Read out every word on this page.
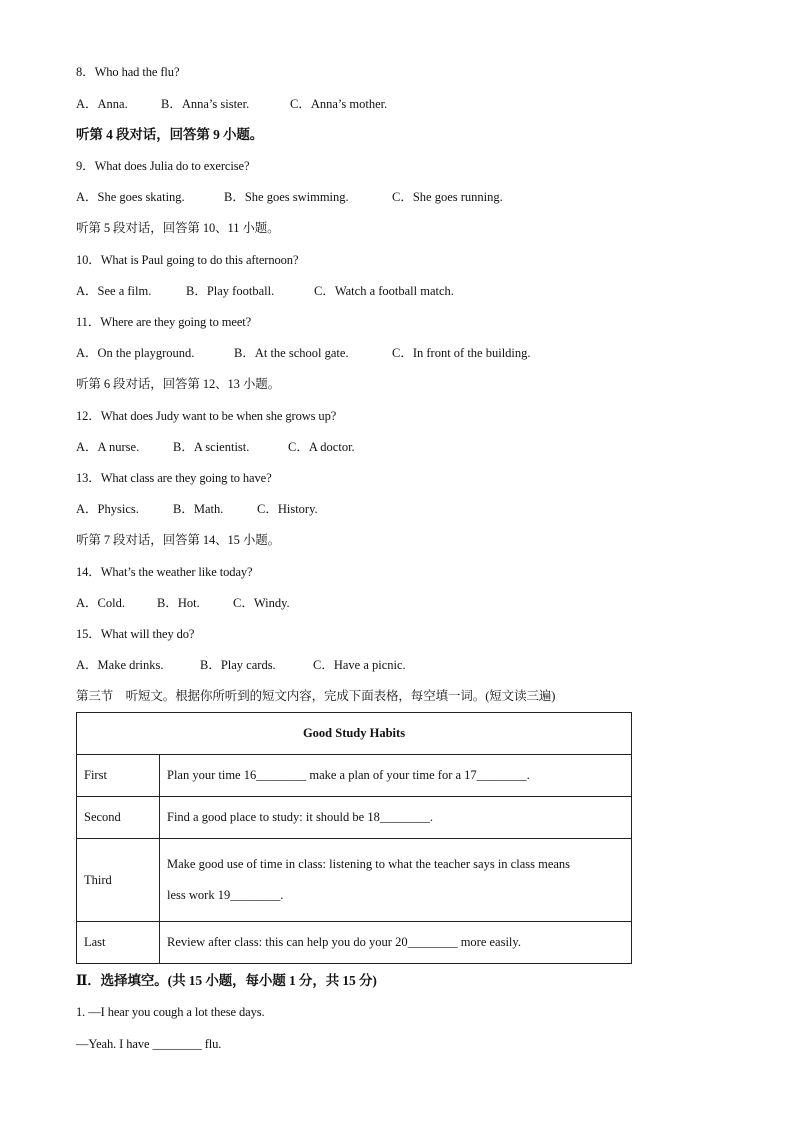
8．Who had the flu?
A．Anna.	B．Anna’s sister.	C．Anna’s mother.
听第 4 段对话，回答第 9 小题。
9．What does Julia do to exercise?
A．She goes skating.	B．She goes swimming.	C．She goes running.
听第 5 段对话，回答第 10、11 小题。
10．What is Paul going to do this afternoon?
A．See a film.	B．Play football.	C．Watch a football match.
11．Where are they going to meet?
A．On the playground.	B．At the school gate.	C．In front of the building.
听第 6 段对话，回答第 12、13 小题。
12．What does Judy want to be when she grows up?
A．A nurse.	B．A scientist.	C．A doctor.
13．What class are they going to have?
A．Physics.	B．Math.	C．History.
听第 7 段对话，回答第 14、15 小题。
14．What’s the weather like today?
A．Cold.	B．Hot.	C．Windy.
15．What will they do?
A．Make drinks.	B．Play cards.	C．Have a picnic.
第三节　听短文。根据你所听到的短文内容，完成下面表格，每空填一词。(短文读三遍)
Good Study Habits	
First	Plan your time 16________ make a plan of your time for a 17________.
Second	Find a good place to study: it should be 18________.
Third	Make good use of time in class: listening to what the teacher says in class means
less work 19________.

Last	Review after class: this can help you do your 20________ more easily.
Ⅱ．选择填空。(共 15 小题，每小题 1 分，共 15 分)
1. —I hear you cough a lot these days.
—Yeah. I have ________ flu.
